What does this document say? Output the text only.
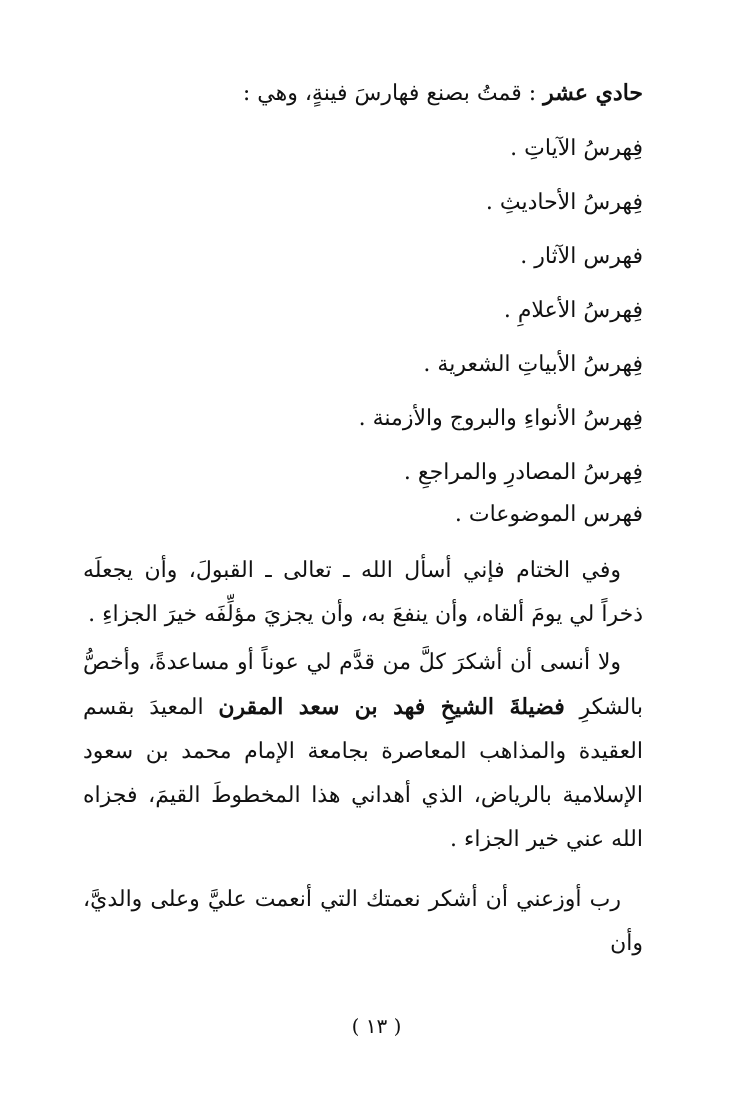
حادي عشر : قمتُ بصنع فهارسَ فينةٍ، وهي :
فِهرسُ الآياتِ .
فِهرسُ الأحاديثِ .
فهرس الآثار .
فِهرسُ الأعلامِ .
فِهرسُ الأبياتِ الشعرية .
فِهرسُ الأنواءِ والبروج والأزمنة .
فِهرسُ المصادرِ والمراجعِ .
فهرس الموضوعات .
وفي الختام فإني أسأل الله ـ تعالى ـ القبولَ، وأن يجعلَه ذخراً لي يومَ ألقاه، وأن ينفعَ به، وأن يجزيَ مؤلِّفَه خيرَ الجزاءِ .
ولا أنسى أن أشكرَ كلَّ من قدَّم لي عوناً أو مساعدةً، وأخصُّ بالشكرِ فضيلةَ الشيخِ فهد بن سعد المقرن المعيدَ بقسم العقيدة والمذاهب المعاصرة بجامعة الإمام محمد بن سعود الإسلامية بالرياض، الذي أهداني هذا المخطوطَ القيمَ، فجزاه الله عني خير الجزاء .
رب أوزعني أن أشكر نعمتك التي أنعمت عليَّ وعلى والديَّ، وأن
( ١٣ )
